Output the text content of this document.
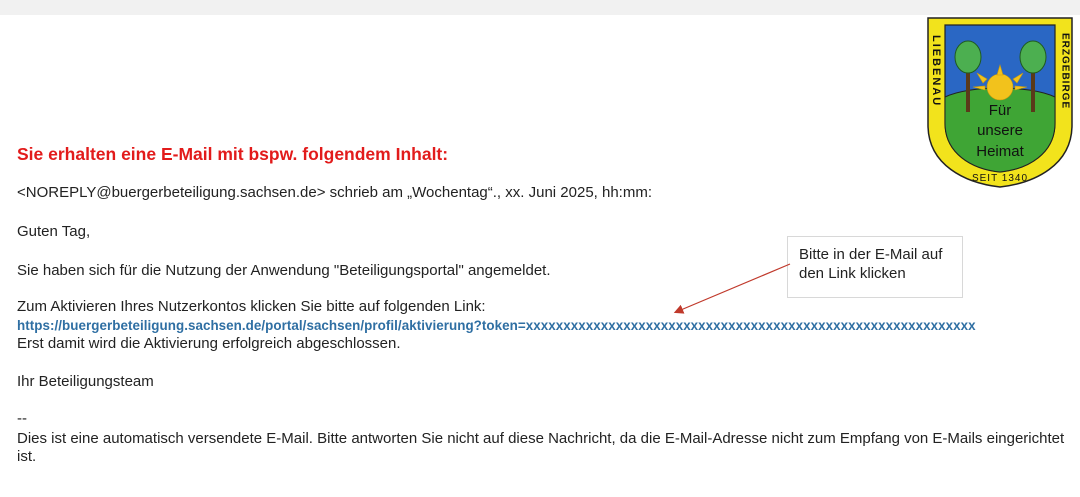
Sie erhalten eine E-Mail mit bspw. folgendem Inhalt:
<NOREPLY@buergerbeteiligung.sachsen.de> schrieb am „Wochentag“., xx. Juni 2025, hh:mm:
Guten Tag,
Sie haben sich für die Nutzung der Anwendung "Beteiligungsportal" angemeldet.
Zum Aktivieren Ihres Nutzerkontos klicken Sie bitte auf folgenden Link:
https://buergerbeteiligung.sachsen.de/portal/sachsen/profil/aktivierung?token=xxxxxxxxxxxxxxxxxxxxxxxxxxxxxxxxxxxxxxxxxxxxxxxxxxxxxxxxxxxx
Erst damit wird die Aktivierung erfolgreich abgeschlossen.
Ihr Beteiligungsteam
--
Dies ist eine automatisch versendete E-Mail. Bitte antworten Sie nicht auf diese Nachricht, da die E-Mail-Adresse nicht zum Empfang von E-Mails eingerichtet ist.
Bitte in der E-Mail auf den Link klicken
Für
unsere
Heimat
LIEBENAU	ERZGEBIRGE
SEIT 1340
